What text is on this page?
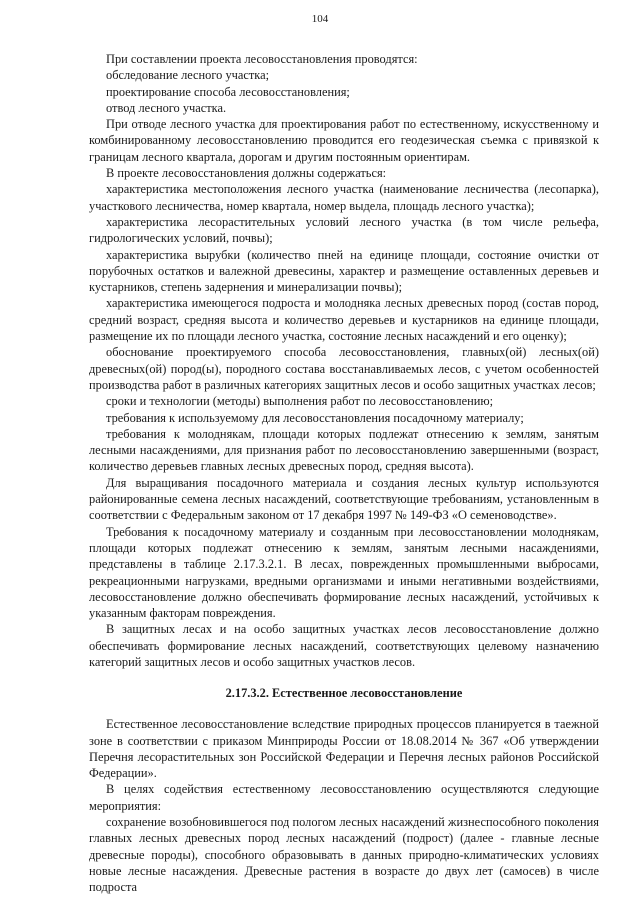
104

При составлении проекта лесовосстановления проводятся:

обследование лесного участка;

проектирование способа лесовосстановления;

отвод лесного участка.

При отводе лесного участка для проектирования работ по естественному, искусственному и комбинированному лесовосстановлению проводится его геодезическая съемка с привязкой к границам лесного квартала, дорогам и другим постоянным ориентирам.

В проекте лесовосстановления должны содержаться:

характеристика местоположения лесного участка (наименование лесничества (лесопарка), участкового лесничества, номер квартала, номер выдела, площадь лесного участка);

характеристика лесорастительных условий лесного участка (в том числе рельефа, гидрологических условий, почвы);

характеристика вырубки (количество пней на единице площади, состояние очистки от порубочных остатков и валежной древесины, характер и размещение оставленных деревьев и кустарников, степень задернения и минерализации почвы);

характеристика имеющегося подроста и молодняка лесных древесных пород (состав пород, средний возраст, средняя высота и количество деревьев и кустарников на единице площади, размещение их по площади лесного участка, состояние лесных насаждений и его оценку);

обоснование проектируемого способа лесовосстановления, главных(ой) лесных(ой) древесных(ой) пород(ы), породного состава восстанавливаемых лесов, с учетом особенностей производства работ в различных категориях защитных лесов и особо защитных участках лесов;

сроки и технологии (методы) выполнения работ по лесовосстановлению;

требования к используемому для лесовосстановления посадочному материалу;

требования к молоднякам, площади которых подлежат отнесению к землям, занятым лесными насаждениями, для признания работ по лесовосстановлению завершенными (возраст, количество деревьев главных лесных древесных пород, средняя высота).

Для выращивания посадочного материала и создания лесных культур используются районированные семена лесных насаждений, соответствующие требованиям, установленным в соответствии с Федеральным законом от 17 декабря 1997 № 149-ФЗ «О семеноводстве».

Требования к посадочному материалу и созданным при лесовосстановлении молоднякам, площади которых подлежат отнесению к землям, занятым лесными насаждениями, представлены в таблице 2.17.3.2.1. В лесах, поврежденных промышленными выбросами, рекреационными нагрузками, вредными организмами и иными негативными воздействиями, лесовосстановление должно обеспечивать формирование лесных насаждений, устойчивых к указанным факторам повреждения.

В защитных лесах и на особо защитных участках лесов лесовосстановление должно обеспечивать формирование лесных насаждений, соответствующих целевому назначению категорий защитных лесов и особо защитных участков лесов.

2.17.3.2. Естественное лесовосстановление

Естественное лесовосстановление вследствие природных процессов планируется в таежной зоне в соответствии с приказом Минприроды России от 18.08.2014 № 367 «Об утверждении Перечня лесорастительных зон Российской Федерации и Перечня лесных районов Российской Федерации».

В целях содействия естественному лесовосстановлению осуществляются следующие мероприятия:

сохранение возобновившегося под пологом лесных насаждений жизнеспособного поколения главных лесных древесных пород лесных насаждений (подрост) (далее - главные лесные древесные породы), способного образовывать в данных природно-климатических условиях новые лесные насаждения. Древесные растения в возрасте до двух лет (самосев) в числе подроста
